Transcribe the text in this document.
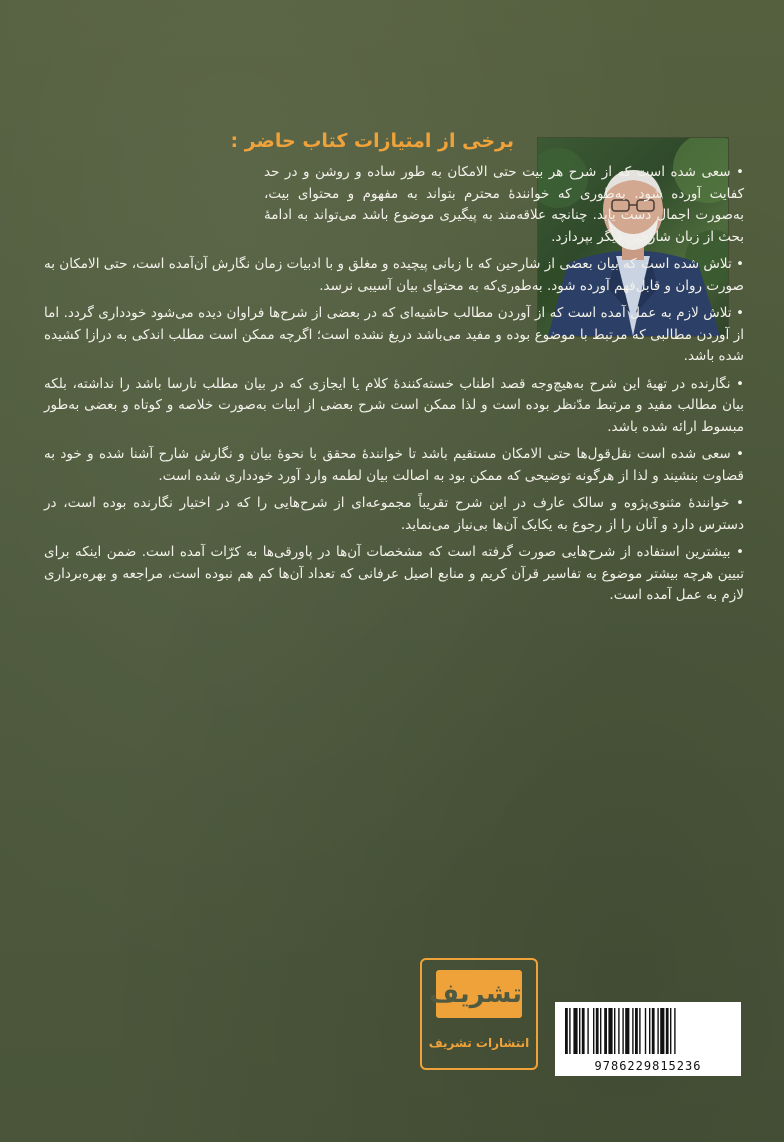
برخی از امتیازات کتاب حاضر :
• سعی شده است که از شرح هر بیت حتی الامکان به طور ساده و روشن و در حد کفایت آورده شود. به‌طوری که خوانندهٔ محترم بتواند به مفهوم و محتوای بیت، به‌صورت اجمال دست یابد. چنانچه علاقه‌مند به پیگیری موضوع باشد می‌تواند به ادامهٔ بحث از زبان شارحین دیگر بپردازد.
• تلاش شده است که بیان بعضی از شارحین که با زبانی پیچیده و مغلق و با ادبیات زمان نگارش آن‌آمده است، حتی الامکان به صورت روان و قابل‌فهم آورده شود. به‌طوری‌که به محتوای بیان آسیبی نرسد.
• تلاش لازم به عمل آمده است که از آوردن مطالب حاشیه‌ای که در بعضی از شرح‌ها فراوان دیده می‌شود خودداری گردد. اما از آوردن مطالبی که مرتبط با موضوع بوده و مفید می‌باشد دریغ نشده است؛ اگرچه ممکن است مطلب اندکی به درازا کشیده شده باشد.
• نگارنده در تهیهٔ این شرح به‌هیچ‌وجه قصد اطناب خسته‌کنندهٔ کلام یا ایجازی که در بیان مطلب نارسا باشد را نداشته، بلکه بیان مطالب مفید و مرتبط مدّنظر بوده است و لذا ممکن است شرح بعضی از ابیات به‌صورت خلاصه و کوتاه و بعضی به‌طور مبسوط ارائه شده باشد.
• سعی شده است نقل‌قول‌ها حتی الامکان مستقیم باشد تا خوانندهٔ محقق با نحوهٔ بیان و نگارش شارح آشنا شده و خود به قضاوت بنشیند و لذا از هرگونه توضیحی که ممکن بود به اصالت بیان لطمه وارد آورد خودداری شده است.
• خوانندهٔ مثنوی‌پژوه و سالک عارف در این شرح تقریباً مجموعه‌ای از شرح‌هایی را که در اختیار نگارنده بوده است، در دسترس دارد و آنان را از رجوع به یکایک آن‌ها بی‌نیاز می‌نماید.
• بیشترین استفاده از شرح‌هایی صورت گرفته است که مشخصات آن‌ها در پاورقی‌ها به کرّات آمده است. ضمن اینکه برای تبیین هرچه بیشتر موضوع به تفاسیر قرآن کریم و منابع اصیل عرفانی که تعداد آن‌ها کم هم نبوده است، مراجعه و بهره‌برداری لازم به عمل آمده است.
تشریف
انتشارات تشریف
9786229815236
